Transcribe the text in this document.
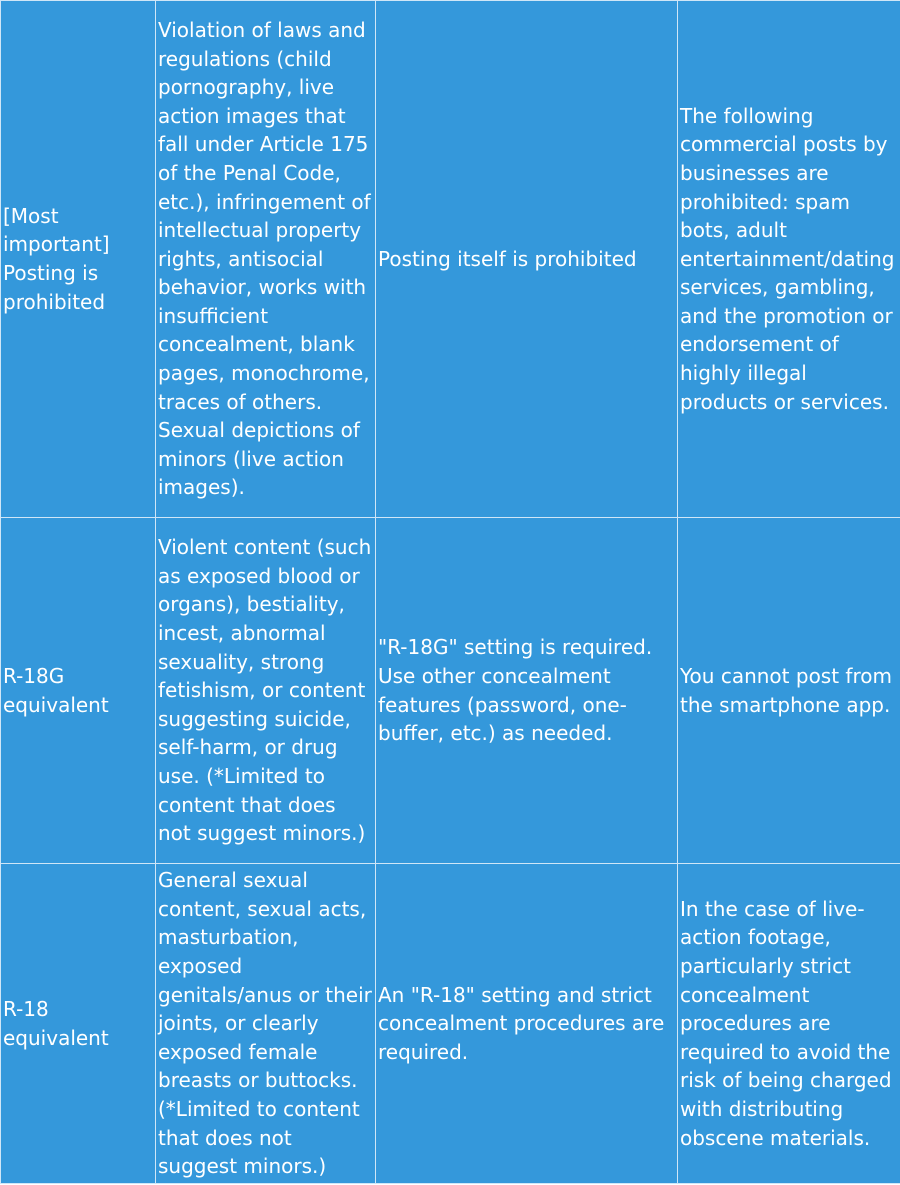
[Most important] Posting is prohibited	Violation of laws and regulations (child pornography, live action images that fall under Article 175 of the Penal Code, etc.), infringement of intellectual property rights, antisocial behavior, works with insufficient concealment, blank pages, monochrome, traces of others. Sexual depictions of minors (live action images).	Posting itself is prohibited	The following commercial posts by businesses are prohibited: spam bots, adult entertainment/dating services, gambling, and the promotion or endorsement of highly illegal products or services.
R-18G equivalent	Violent content (such as exposed blood or organs), bestiality, incest, abnormal sexuality, strong fetishism, or content suggesting suicide, self-harm, or drug use. (*Limited to content that does not suggest minors.)	"R-18G" setting is required. Use other concealment features (password, one-buffer, etc.) as needed.	You cannot post from the smartphone app.
R-18 equivalent	General sexual content, sexual acts, masturbation, exposed genitals/anus or their joints, or clearly exposed female breasts or buttocks. (*Limited to content that does not suggest minors.)	An "R-18" setting and strict concealment procedures are required.	In the case of live-action footage, particularly strict concealment procedures are required to avoid the risk of being charged with distributing obscene materials.
